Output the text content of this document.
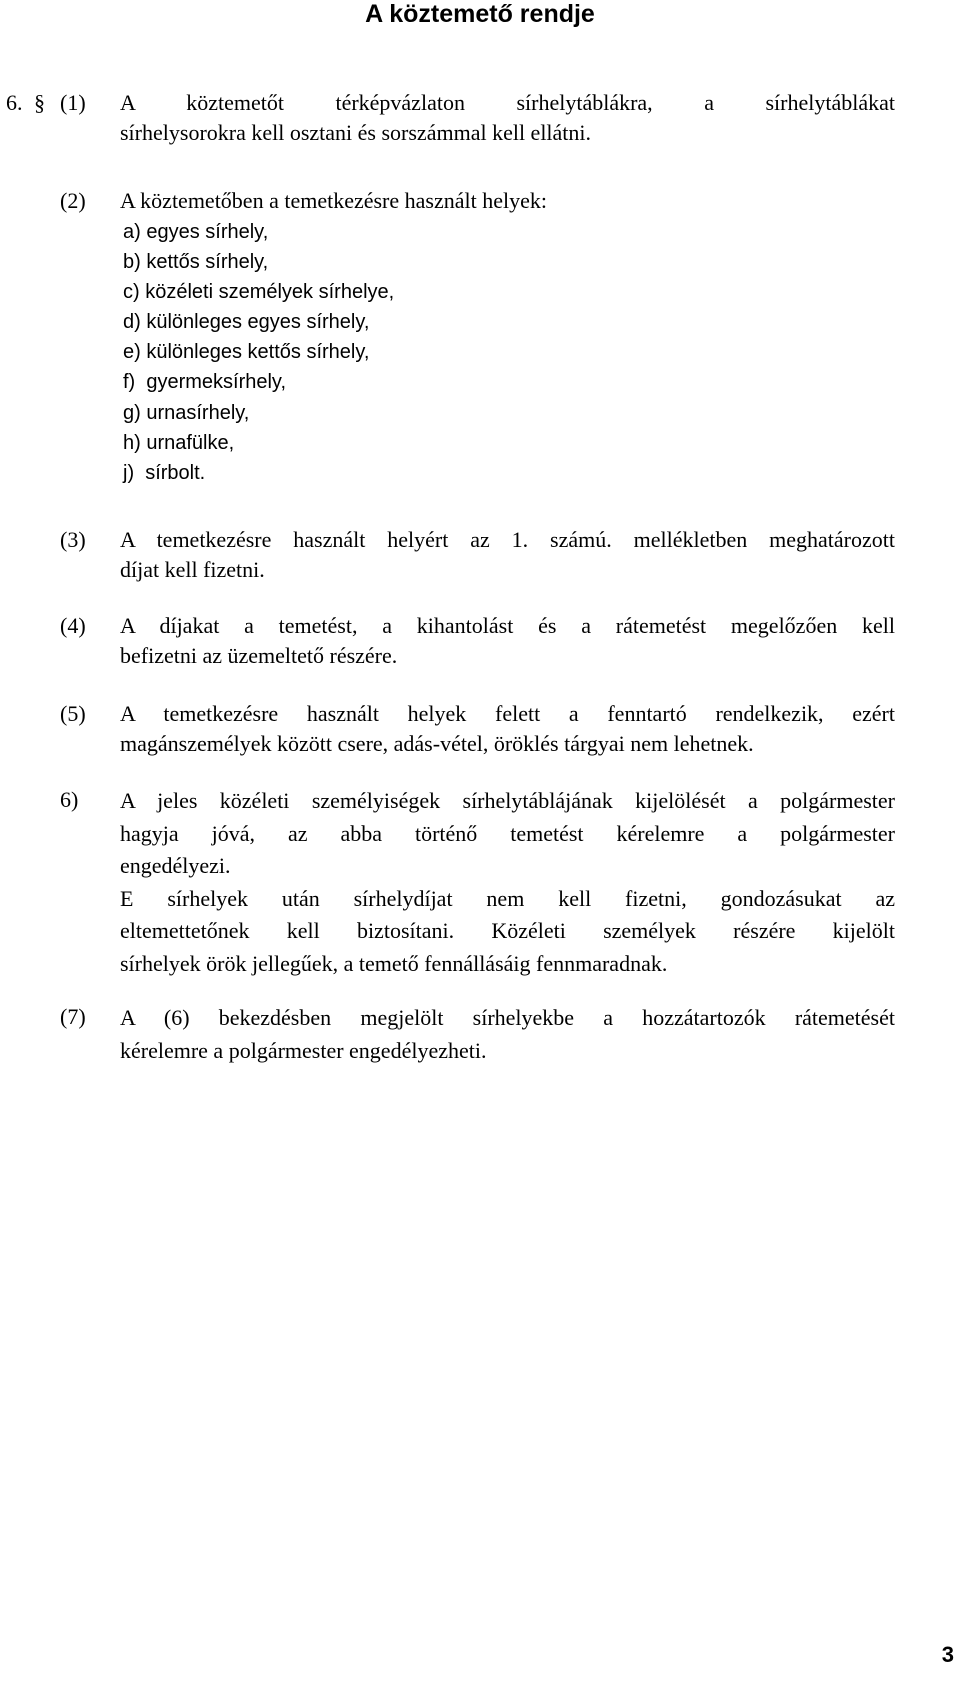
A köztemető rendje
6. § (1) A köztemetőt térképvázlaton sírhelytáblákra, a sírhelytáblákat
sírhelysorokra kell osztani és sorszámmal kell ellátni.

(2) A köztemetőben a temetkezésre használt helyek:

a) egyes sírhely,
b) kettős sírhely,
c) közéleti személyek sírhelye,
d) különleges egyes sírhely,
e) különleges kettős sírhely,
f)  gyermeksírhely,
g) urnasírhely,
h) urnafülke,
j)  sírbolt.
(3) A temetkezésre használt helyért az 1. számú. mellékletben meghatározott
díjat kell fizetni.

(4) A díjakat a temetést, a kihantolást és a rátemetést megelőzően kell
befizetni az üzemeltető részére.

(5) A temetkezésre használt helyek felett a fenntartó rendelkezik, ezért
magánszemélyek között csere, adás-vétel, öröklés tárgyai nem lehetnek.

6) A jeles közéleti személyiségek sírhelytáblájának kijelölését a polgármester
hagyja jóvá, az abba történő temetést kérelemre a polgármester
engedélyezi.
E sírhelyek után sírhelydíjat nem kell fizetni, gondozásukat az
eltemettetőnek kell biztosítani. Közéleti személyek részére kijelölt
sírhelyek örök jellegűek, a temető fennállásáig fennmaradnak.

(7) A (6) bekezdésben megjelölt sírhelyekbe a hozzátartozók rátemetését
kérelemre a polgármester engedélyezheti.

3
